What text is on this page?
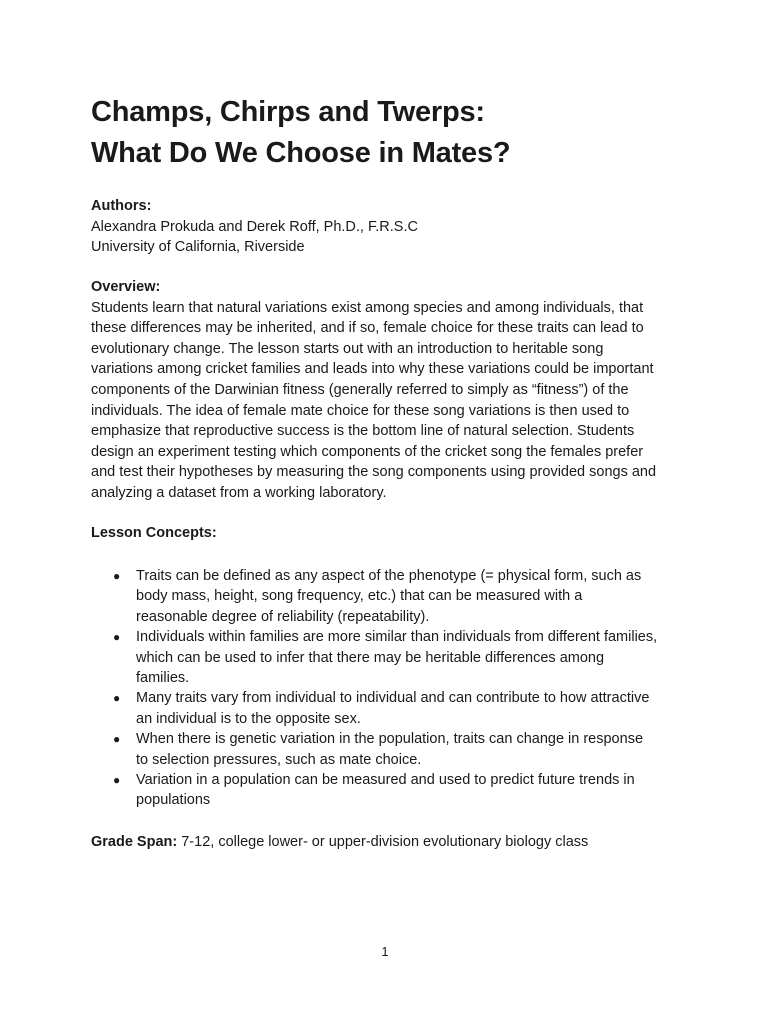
Champs, Chirps and Twerps:
What Do We Choose in Mates?
Authors:
Alexandra Prokuda and Derek Roff, Ph.D., F.R.S.C
University of California, Riverside
Overview:
Students learn that natural variations exist among species and among individuals, that
these differences may be inherited, and if so, female choice for these traits can lead to
evolutionary change. The lesson starts out with an introduction to heritable song
variations among cricket families and leads into why these variations could be important
components of the Darwinian fitness (generally referred to simply as “fitness”) of the
individuals. The idea of female mate choice for these song variations is then used to
emphasize that reproductive success is the bottom line of natural selection. Students
design an experiment testing which components of the cricket song the females prefer
and test their hypotheses by measuring the song components using provided songs and
analyzing a dataset from a working laboratory.
Lesson Concepts:
● Traits can be defined as any aspect of the phenotype (= physical form, such as
body mass, height, song frequency, etc.) that can be measured with a
reasonable degree of reliability (repeatability).
● Individuals within families are more similar than individuals from different families,
which can be used to infer that there may be heritable differences among
families.
● Many traits vary from individual to individual and can contribute to how attractive
an individual is to the opposite sex.
● When there is genetic variation in the population, traits can change in response
to selection pressures, such as mate choice.
● Variation in a population can be measured and used to predict future trends in
populations
Grade Span: 7-12, college lower- or upper-division evolutionary biology class
1
